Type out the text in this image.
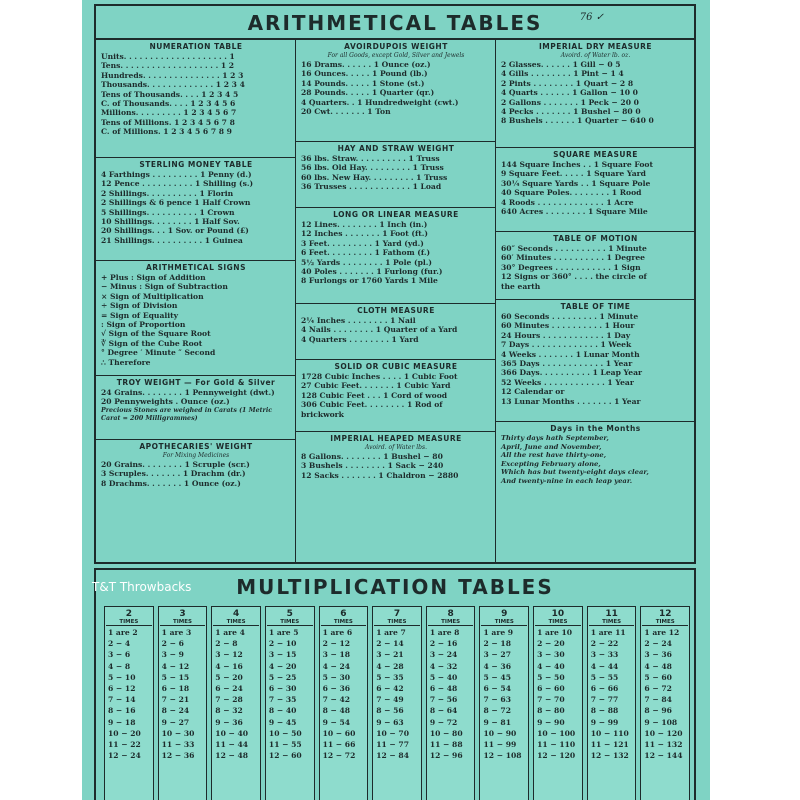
ARITHMETICAL TABLES	76 ✓
NUMERATION TABLE
Units. . . . . . . . . . . . . . . . . . . . 1
Tens. . . . . . . . . . . . . . . . . . . 1 2
Hundreds. . . . . . . . . . . . . . . 1 2 3
Thousands. . . . . . . . . . . . . 1 2 3 4
Tens of Thousands. . . . 1 2 3 4 5
C. of Thousands. . . . 1 2 3 4 5 6
Millions. . . . . . . . . 1 2 3 4 5 6 7
Tens of Millions. 1 2 3 4 5 6 7 8
C. of Millions. 1 2 3 4 5 6 7 8 9
STERLING MONEY TABLE
4 Farthings . . . . . . . . . 1 Penny (d.)
12 Pence . . . . . . . . . . 1 Shilling (s.)
2 Shillings. . . . . . . . . . 1 Florin
2 Shillings & 6 pence 1 Half Crown
5 Shillings. . . . . . . . . . 1 Crown
10 Shillings. . . . . . . . 1 Half Sov.
20 Shillings. . . 1 Sov. or Pound (£)
21 Shillings. . . . . . . . . . 1 Guinea
ARITHMETICAL SIGNS
+ Plus : Sign of Addition
− Minus : Sign of Subtraction
× Sign of Multiplication
÷ Sign of Division
= Sign of Equality
: Sign of Proportion
√ Sign of the Square Root
∛ Sign of the Cube Root
° Degree ′ Minute ″ Second
∴ Therefore
TROY WEIGHT — For Gold & Silver
24 Grains. . . . . . . . 1 Pennyweight (dwt.)
20 Pennyweights . Ounce (oz.)
Precious Stones are weighed in Carats (1 Metric Carat = 200 Milligrammes)
APOTHECARIES' WEIGHT
For Mixing Medicines
20 Grains. . . . . . . . 1 Scruple (scr.)
3 Scruples. . . . . . . 1 Drachm (dr.)
8 Drachms. . . . . . . 1 Ounce (oz.)
AVOIRDUPOIS WEIGHT
For all Goods, except Gold, Silver and Jewels
16 Drams. . . . . . 1 Ounce (oz.)
16 Ounces. . . . . 1 Pound (lb.)
14 Pounds. . . . . 1 Stone (st.)
28 Pounds. . . . . 1 Quarter (qr.)
4 Quarters. . 1 Hundredweight (cwt.)
20 Cwt. . . . . . . 1 Ton
HAY AND STRAW WEIGHT
36 lbs. Straw. . . . . . . . . . 1 Truss
56 lbs. Old Hay. . . . . . . . . 1 Truss
60 lbs. New Hay. . . . . . . . . 1 Truss
36 Trusses . . . . . . . . . . . . 1 Load
LONG OR LINEAR MEASURE
12 Lines. . . . . . . . 1 Inch (in.)
12 Inches . . . . . . . 1 Foot (ft.)
3 Feet. . . . . . . . . 1 Yard (yd.)
6 Feet. . . . . . . . . 1 Fathom (f.)
5½ Yards . . . . . . . . 1 Pole (pl.)
40 Poles . . . . . . . 1 Furlong (fur.)
8 Furlongs or 1760 Yards 1 Mile
CLOTH MEASURE
2¼ Inches . . . . . . . . 1 Nail
4 Nails . . . . . . . . 1 Quarter of a Yard
4 Quarters . . . . . . . . 1 Yard
SOLID OR CUBIC MEASURE
1728 Cubic Inches . . . . 1 Cubic Foot
27 Cubic Feet. . . . . . . 1 Cubic Yard
128 Cubic Feet . . . 1 Cord of wood
306 Cubic Feet. . . . . . . . 1 Rod of
brickwork
IMPERIAL HEAPED MEASURE
Avoird. of Water lbs.
8 Gallons. . . . . . . . 1 Bushel − 80
3 Bushels . . . . . . . . 1 Sack − 240
12 Sacks . . . . . . . 1 Chaldron − 2880
IMPERIAL DRY MEASURE
Avoird. of Water lb. oz.
2 Glasses. . . . . . 1 Gill − 0 5
4 Gills . . . . . . . . 1 Pint − 1 4
2 Pints . . . . . . . . 1 Quart − 2 8
4 Quarts . . . . . . 1 Gallon − 10 0
2 Gallons . . . . . . . 1 Peck − 20 0
4 Pecks . . . . . . . 1 Bushel − 80 0
8 Bushels . . . . . . 1 Quarter − 640 0
SQUARE MEASURE
144 Square Inches . . 1 Square Foot
9 Square Feet. . . . . 1 Square Yard
30¼ Square Yards . . 1 Square Pole
40 Square Poles. . . . . . . . 1 Rood
4 Roods . . . . . . . . . . . . . 1 Acre
640 Acres . . . . . . . . 1 Square Mile
TABLE OF MOTION
60″ Seconds . . . . . . . . . . 1 Minute
60′ Minutes . . . . . . . . . . 1 Degree
30° Degrees . . . . . . . . . . . 1 Sign
12 Signs or 360° . . . . the circle of
the earth
TABLE OF TIME
60 Seconds . . . . . . . . . 1 Minute
60 Minutes . . . . . . . . . . 1 Hour
24 Hours . . . . . . . . . . . . 1 Day
7 Days . . . . . . . . . . . . . 1 Week
4 Weeks . . . . . . . 1 Lunar Month
365 Days . . . . . . . . . . . . 1 Year
366 Days. . . . . . . . . . 1 Leap Year
52 Weeks . . . . . . . . . . . . 1 Year
12 Calendar or
13 Lunar Months . . . . . . . 1 Year
Days in the Months
Thirty days hath September,
April, June and November,
All the rest have thirty-one,
Excepting February alone,
Which has but twenty-eight days clear,
And twenty-nine in each leap year.
MULTIPLICATION TABLES
2
TIMES
1 are 2
2 − 4
3 − 6
4 − 8
5 − 10
6 − 12
7 − 14
8 − 16
9 − 18
10 − 20
11 − 22
12 − 24
3
TIMES
1 are 3
2 − 6
3 − 9
4 − 12
5 − 15
6 − 18
7 − 21
8 − 24
9 − 27
10 − 30
11 − 33
12 − 36
4
TIMES
1 are 4
2 − 8
3 − 12
4 − 16
5 − 20
6 − 24
7 − 28
8 − 32
9 − 36
10 − 40
11 − 44
12 − 48
5
TIMES
1 are 5
2 − 10
3 − 15
4 − 20
5 − 25
6 − 30
7 − 35
8 − 40
9 − 45
10 − 50
11 − 55
12 − 60
6
TIMES
1 are 6
2 − 12
3 − 18
4 − 24
5 − 30
6 − 36
7 − 42
8 − 48
9 − 54
10 − 60
11 − 66
12 − 72
7
TIMES
1 are 7
2 − 14
3 − 21
4 − 28
5 − 35
6 − 42
7 − 49
8 − 56
9 − 63
10 − 70
11 − 77
12 − 84
8
TIMES
1 are 8
2 − 16
3 − 24
4 − 32
5 − 40
6 − 48
7 − 56
8 − 64
9 − 72
10 − 80
11 − 88
12 − 96
9
TIMES
1 are 9
2 − 18
3 − 27
4 − 36
5 − 45
6 − 54
7 − 63
8 − 72
9 − 81
10 − 90
11 − 99
12 − 108
10
TIMES
1 are 10
2 − 20
3 − 30
4 − 40
5 − 50
6 − 60
7 − 70
8 − 80
9 − 90
10 − 100
11 − 110
12 − 120
11
TIMES
1 are 11
2 − 22
3 − 33
4 − 44
5 − 55
6 − 66
7 − 77
8 − 88
9 − 99
10 − 110
11 − 121
12 − 132
12
TIMES
1 are 12
2 − 24
3 − 36
4 − 48
5 − 60
6 − 72
7 − 84
8 − 96
9 − 108
10 − 120
11 − 132
12 − 144
T&T Throwbacks
